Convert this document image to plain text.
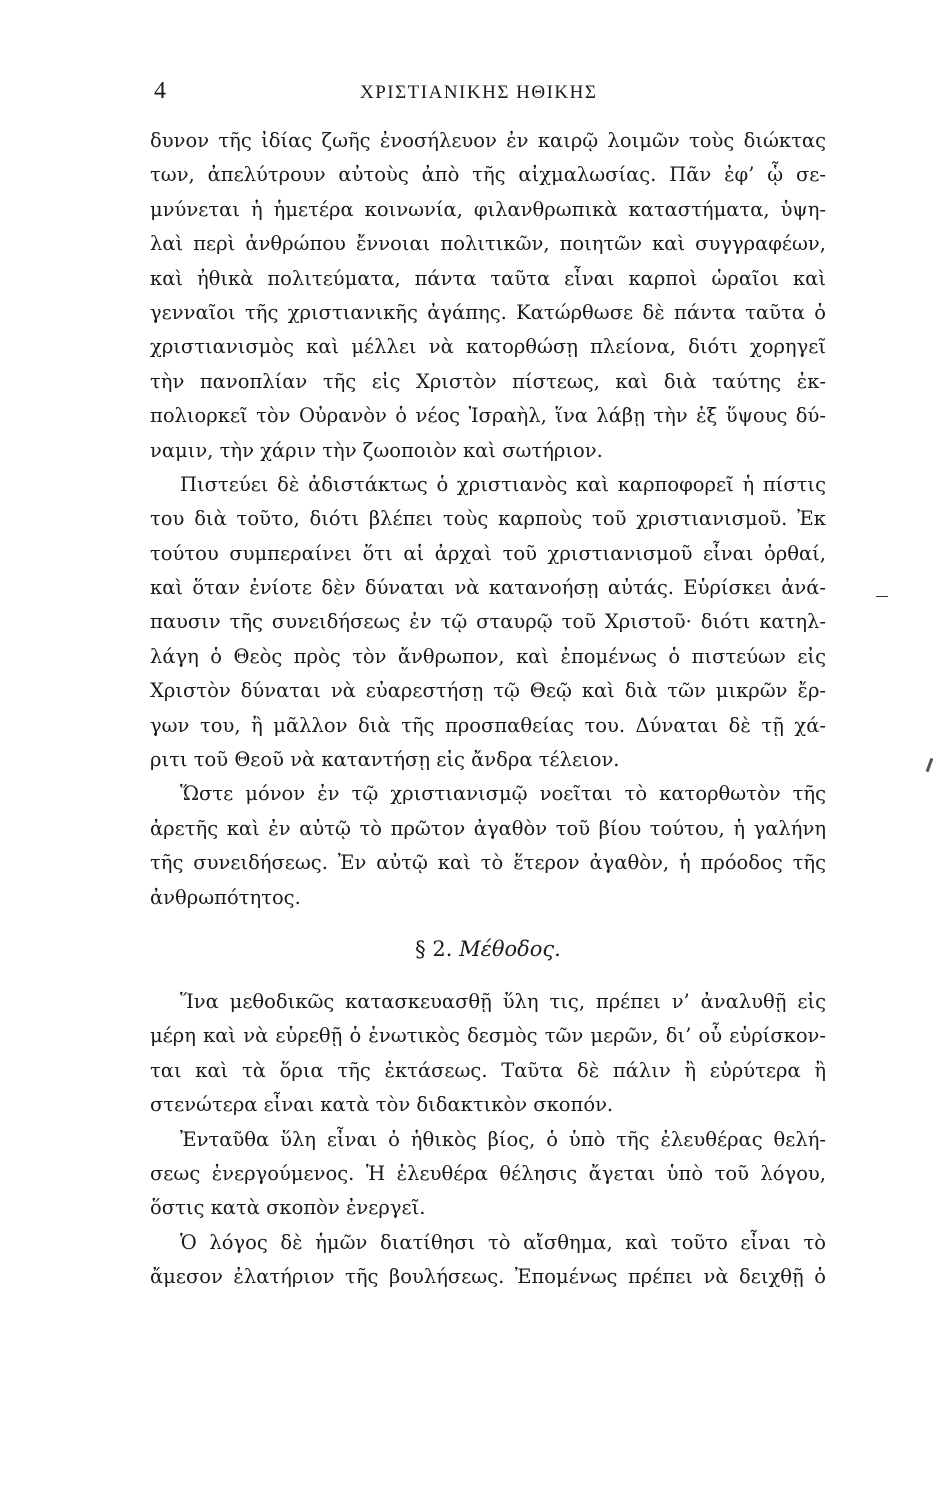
4	ΧΡΙΣΤΙΑΝΙΚΗΣ ΗΘΙΚΗΣ
δυνον τῆς ἰδίας ζωῆς ἐνοσήλευον ἐν καιρῷ λοιμῶν τοὺς διώκτας
των, ἀπελύτρουν αὐτοὺς ἀπὸ τῆς αἰχμαλωσίας. Πᾶν ἐφ’ ᾧ σε-
μνύνεται ἡ ἡμετέρα κοινωνία, φιλανθρωπικὰ καταστήματα, ὑψη-
λαὶ περὶ ἀνθρώπου ἔννοιαι πολιτικῶν, ποιητῶν καὶ συγγραφέων,
καὶ ἠθικὰ πολιτεύματα, πάντα ταῦτα εἶναι καρποὶ ὡραῖοι καὶ
γενναῖοι τῆς χριστιανικῆς ἀγάπης. Κατώρθωσε δὲ πάντα ταῦτα ὁ
χριστιανισμὸς καὶ μέλλει νὰ κατορθώσῃ πλείονα, διότι χορηγεῖ
τὴν πανοπλίαν τῆς εἰς Χριστὸν πίστεως, καὶ διὰ ταύτης ἐκ-
πολιορκεῖ τὸν Οὐρανὸν ὁ νέος Ἰσραὴλ, ἵνα λάβῃ τὴν ἐξ ὕψους δύ-
ναμιν, τὴν χάριν τὴν ζωοποιὸν καὶ σωτήριον.
Πιστεύει δὲ ἀδιστάκτως ὁ χριστιανὸς καὶ καρποφορεῖ ἡ πίστις
του διὰ τοῦτο, διότι βλέπει τοὺς καρποὺς τοῦ χριστιανισμοῦ. Ἐκ
τούτου συμπεραίνει ὅτι αἱ ἀρχαὶ τοῦ χριστιανισμοῦ εἶναι ὀρθαί,
καὶ ὅταν ἐνίοτε δὲν δύναται νὰ κατανοήσῃ αὐτάς. Εὑρίσκει ἀνά-
παυσιν τῆς συνειδήσεως ἐν τῷ σταυρῷ τοῦ Χριστοῦ· διότι κατηλ-
λάγη ὁ Θεὸς πρὸς τὸν ἄνθρωπον, καὶ ἐπομένως ὁ πιστεύων εἰς
Χριστὸν δύναται νὰ εὐαρεστήσῃ τῷ Θεῷ καὶ διὰ τῶν μικρῶν ἔρ-
γων του, ἢ μᾶλλον διὰ τῆς προσπαθείας του. Δύναται δὲ τῇ χά-
ριτι τοῦ Θεοῦ νὰ καταντήσῃ εἰς ἄνδρα τέλειον.
Ὥστε μόνον ἐν τῷ χριστιανισμῷ νοεῖται τὸ κατορθωτὸν τῆς
ἀρετῆς καὶ ἐν αὐτῷ τὸ πρῶτον ἀγαθὸν τοῦ βίου τούτου, ἡ γαλήνη
τῆς συνειδήσεως. Ἐν αὐτῷ καὶ τὸ ἕτερον ἀγαθὸν, ἡ πρόοδος τῆς
ἀνθρωπότητος.
§ 2. Μέθοδος.
Ἵνα μεθοδικῶς κατασκευασθῇ ὕλη τις, πρέπει ν’ ἀναλυθῇ εἰς
μέρη καὶ νὰ εὑρεθῇ ὁ ἑνωτικὸς δεσμὸς τῶν μερῶν, δι’ οὗ εὑρίσκον-
ται καὶ τὰ ὅρια τῆς ἐκτάσεως. Ταῦτα δὲ πάλιν ἢ εὐρύτερα ἢ
στενώτερα εἶναι κατὰ τὸν διδακτικὸν σκοπόν.
Ἐνταῦθα ὕλη εἶναι ὁ ἠθικὸς βίος, ὁ ὑπὸ τῆς ἐλευθέρας θελή-
σεως ἐνεργούμενος. Ἡ ἐλευθέρα θέλησις ἄγεται ὑπὸ τοῦ λόγου,
ὅστις κατὰ σκοπὸν ἐνεργεῖ.
Ὁ λόγος δὲ ἡμῶν διατίθησι τὸ αἴσθημα, καὶ τοῦτο εἶναι τὸ
ἄμεσον ἐλατήριον τῆς βουλήσεως. Ἐπομένως πρέπει νὰ δειχθῇ ὁ
